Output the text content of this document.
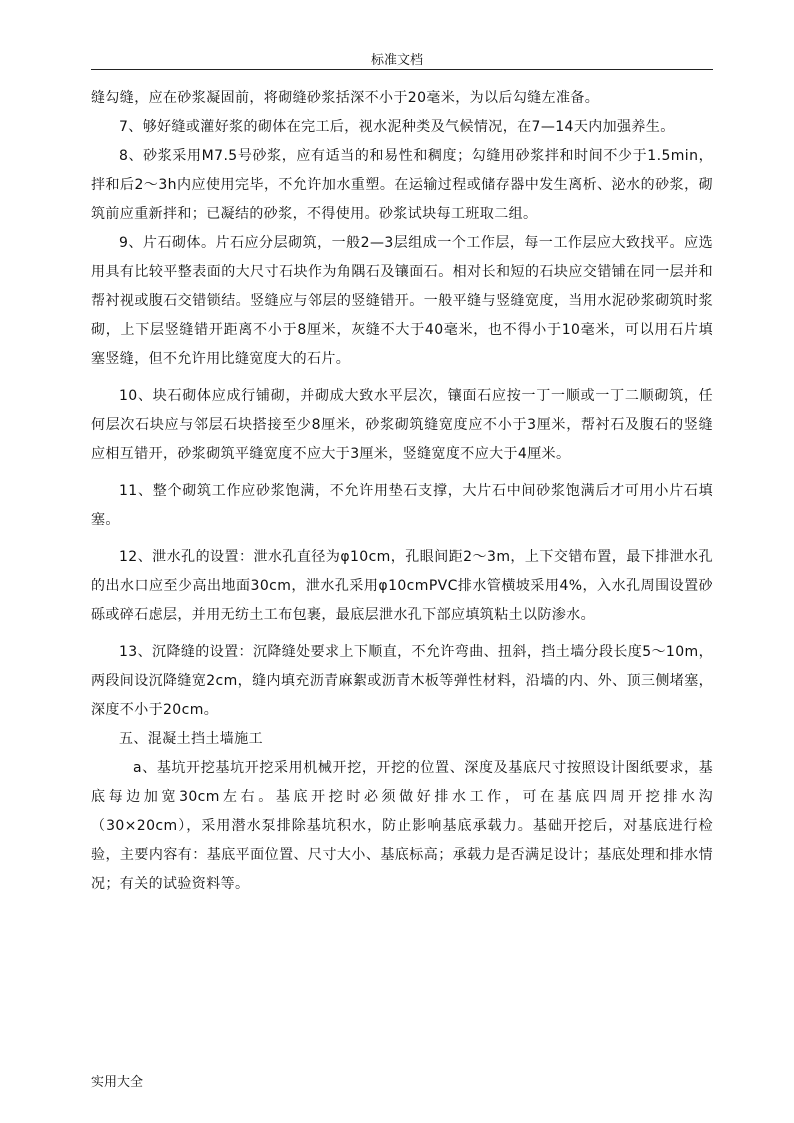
标准文档

缝勾缝，应在砂浆凝固前，将砌缝砂浆括深不小于20毫米，为以后勾缝左准备。

7、够好缝或灌好浆的砌体在完工后，视水泥种类及气候情况，在7—14天内加强养生。

8、砂浆采用M7.5号砂浆，应有适当的和易性和稠度；勾缝用砂浆拌和时间不少于1.5min，拌和后2～3h内应使用完毕，不允许加水重塑。在运输过程或储存器中发生离析、泌水的砂浆，砌筑前应重新拌和；已凝结的砂浆，不得使用。砂浆试块每工班取二组。

9、片石砌体。片石应分层砌筑，一般2—3层组成一个工作层，每一工作层应大致找平。应选用具有比较平整表面的大尺寸石块作为角隅石及镶面石。相对长和短的石块应交错铺在同一层并和帮衬视或腹石交错锁结。竖缝应与邻层的竖缝错开。一般平缝与竖缝宽度，当用水泥砂浆砌筑时浆砌，上下层竖缝错开距离不小于8厘米，灰缝不大于40毫米，也不得小于10毫米，可以用石片填塞竖缝，但不允许用比缝宽度大的石片。

10、块石砌体应成行铺砌，并砌成大致水平层次，镶面石应按一丁一顺或一丁二顺砌筑，任何层次石块应与邻层石块搭接至少8厘米，砂浆砌筑缝宽度应不小于3厘米，帮衬石及腹石的竖缝应相互错开，砂浆砌筑平缝宽度不应大于3厘米，竖缝宽度不应大于4厘米。

11、整个砌筑工作应砂浆饱满，不允许用垫石支撑，大片石中间砂浆饱满后才可用小片石填塞。

12、泄水孔的设置：泄水孔直径为φ10cm，孔眼间距2～3m，上下交错布置，最下排泄水孔的出水口应至少高出地面30cm，泄水孔采用φ10cmPVC排水管横坡采用4%，入水孔周围设置砂砾或碎石虑层，并用无纺土工布包裹，最底层泄水孔下部应填筑粘土以防渗水。

13、沉降缝的设置：沉降缝处要求上下顺直，不允许弯曲、扭斜，挡土墙分段长度5～10m，两段间设沉降缝宽2cm，缝内填充沥青麻絮或沥青木板等弹性材料，沿墙的内、外、顶三侧堵塞，深度不小于20cm。

五、混凝土挡土墙施工

a、基坑开挖基坑开挖采用机械开挖，开挖的位置、深度及基底尺寸按照设计图纸要求，基底每边加宽30cm左右。基底开挖时必须做好排水工作，可在基底四周开挖排水沟（30×20cm），采用潜水泵排除基坑积水，防止影响基底承载力。基础开挖后，对基底进行检验，主要内容有：基底平面位置、尺寸大小、基底标高；承载力是否满足设计；基底处理和排水情况；有关的试验资料等。

实用大全
